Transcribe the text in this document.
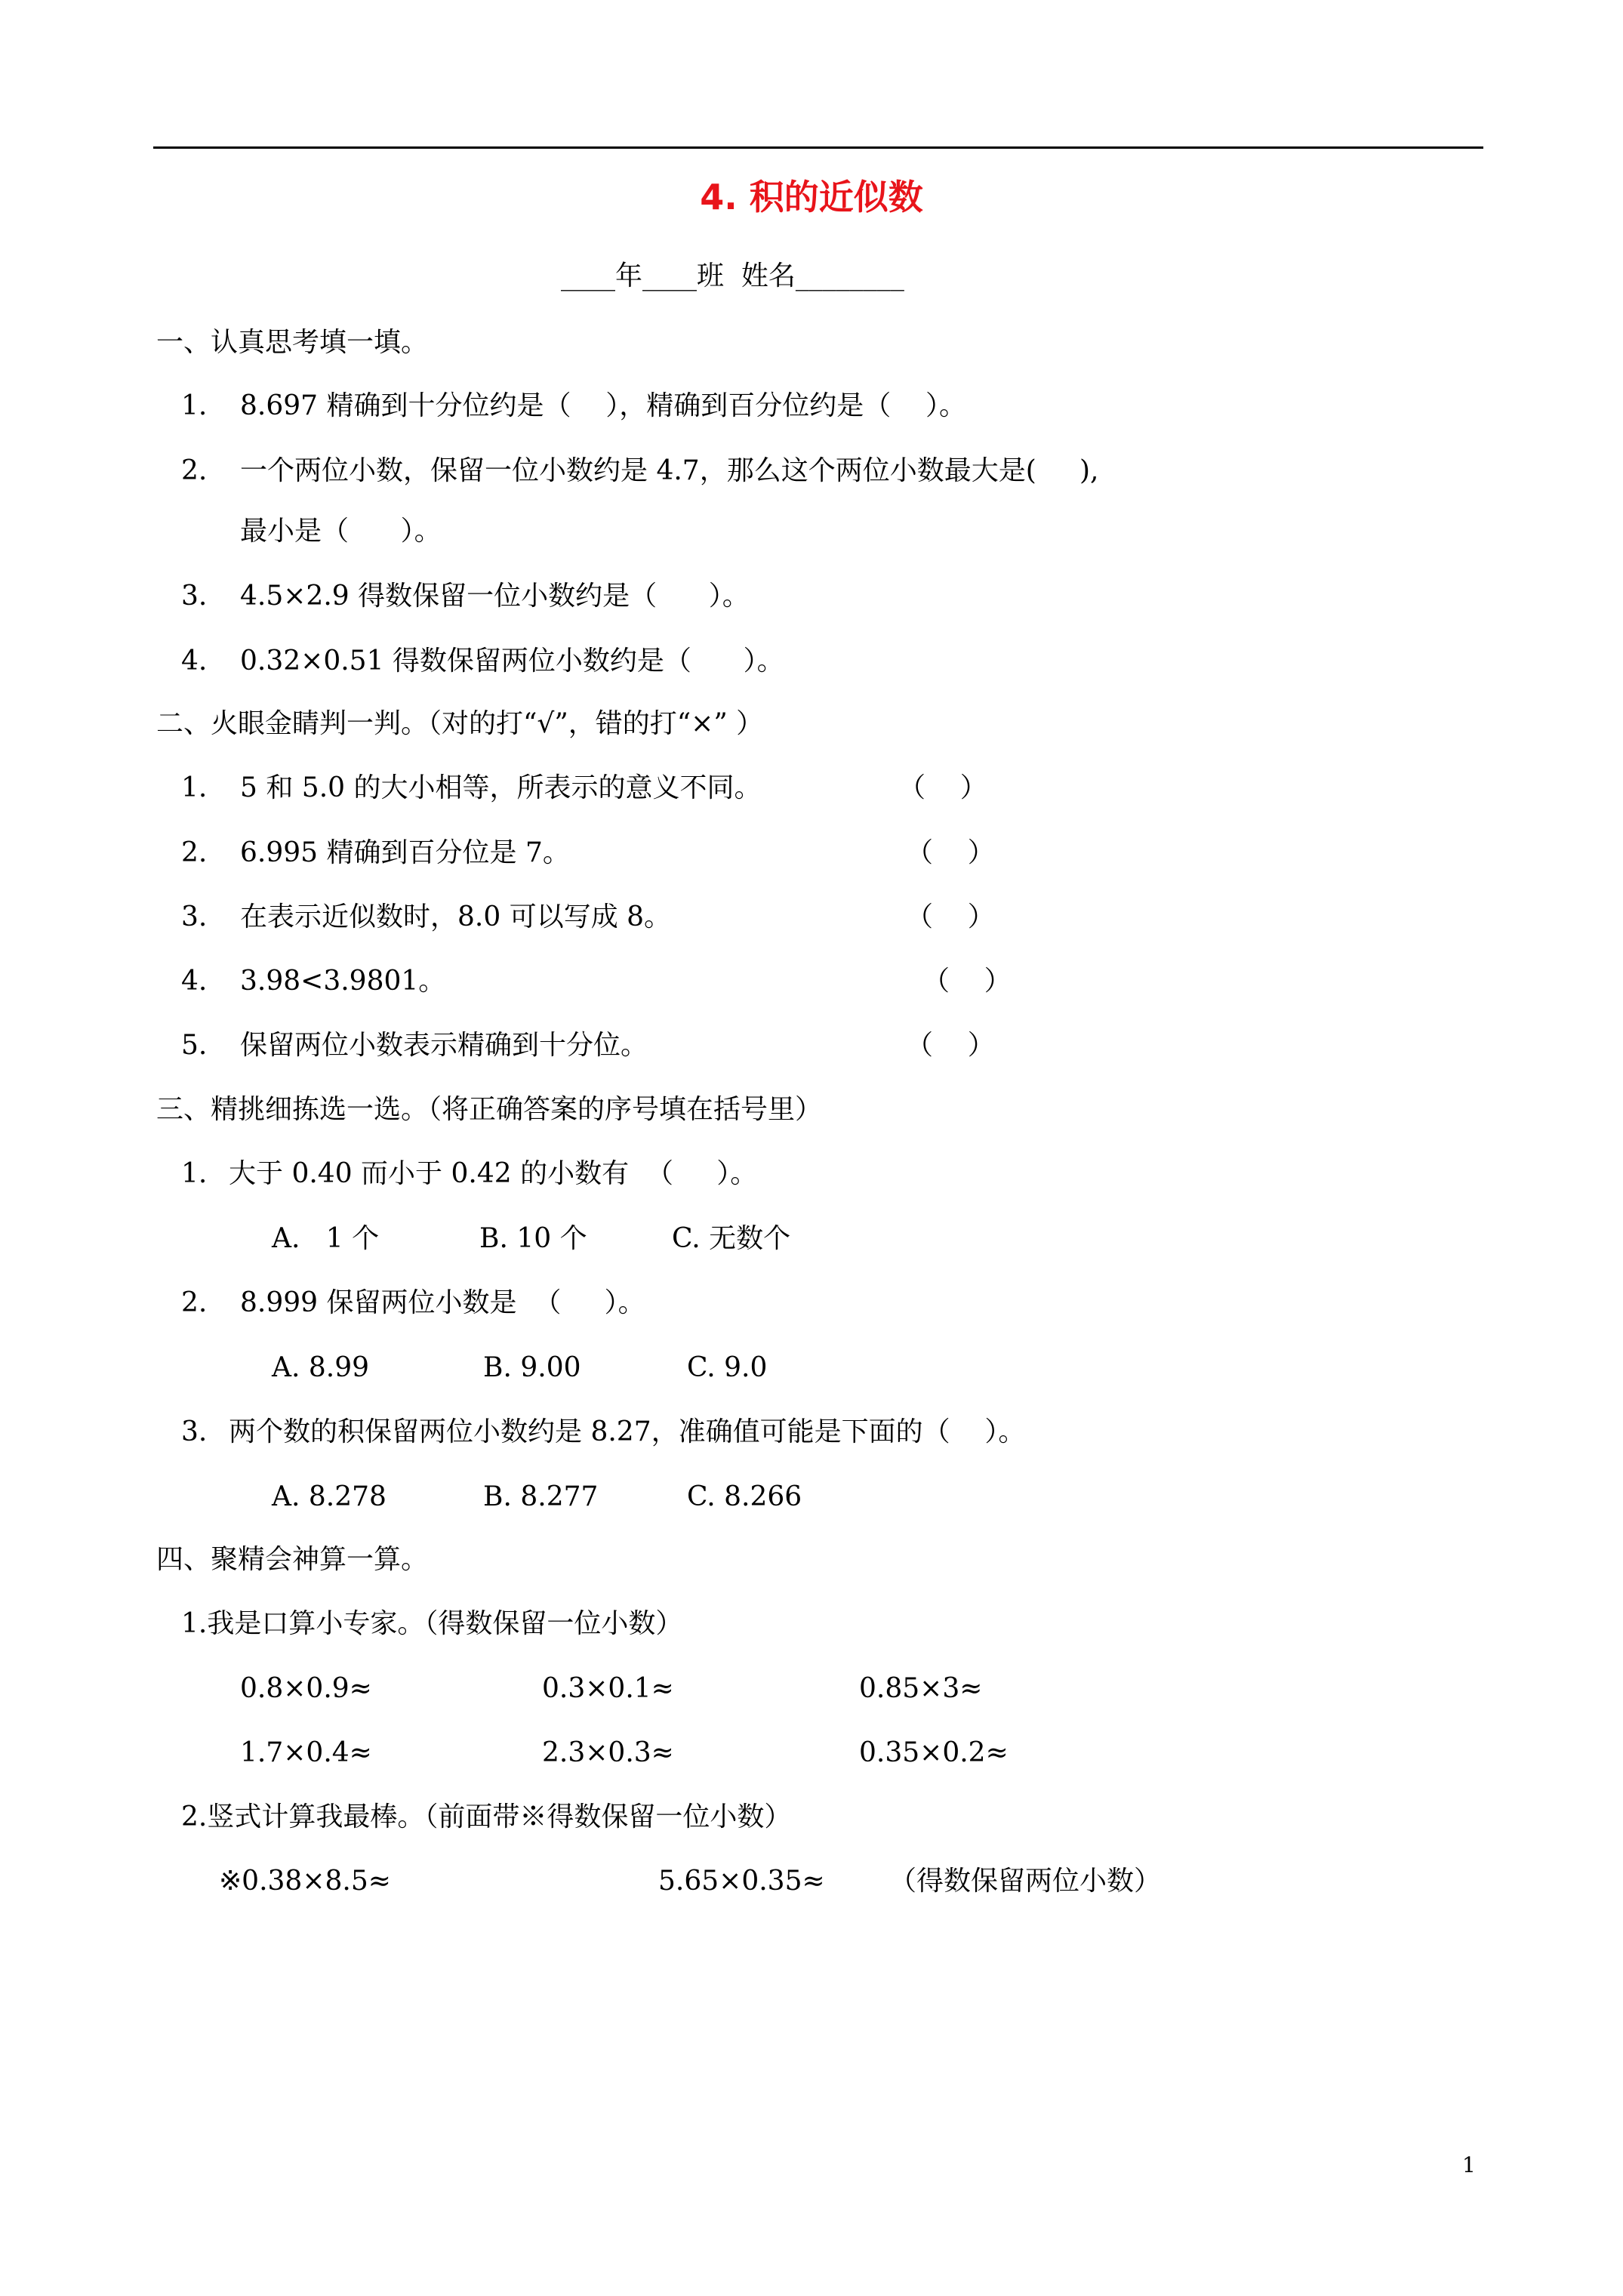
4. 积的近似数
____年____班  姓名________
一、认真思考填一填。
1. 8.697 精确到十分位约是（    ），精确到百分位约是（    ）。
2. 一个两位小数，保留一位小数约是 4.7，那么这个两位小数最大是(     ),
最小是（      ）。
3. 4.5×2.9 得数保留一位小数约是（      ）。
4. 0.32×0.51 得数保留两位小数约是（      ）。
二、火眼金睛判一判。（对的打“√”，错的打“×” ）
1. 5 和 5.0 的大小相等，所表示的意义不同。	（    ）
2. 6.995 精确到百分位是 7。	（    ）
3. 在表示近似数时，8.0 可以写成 8。	（    ）
4. 3.98<3.9801。	（    ）
5. 保留两位小数表示精确到十分位。	（    ）
三、精挑细拣选一选。（将正确答案的序号填在括号里）
1. 大于 0.40 而小于 0.42 的小数有  （     ）。
A.   1 个	B. 10 个	C. 无数个
2. 8.999 保留两位小数是  （     ）。
A. 8.99	B. 9.00	C. 9.0
3. 两个数的积保留两位小数约是 8.27，准确值可能是下面的（    ）。
A. 8.278	B. 8.277	C. 8.266
四、聚精会神算一算。
1.我是口算小专家。（得数保留一位小数）
0.8×0.9≈	0.3×0.1≈	0.85×3≈
1.7×0.4≈	2.3×0.3≈	0.35×0.2≈
2.竖式计算我最棒。（前面带※得数保留一位小数）
※0.38×8.5≈	5.65×0.35≈ （得数保留两位小数）
1
